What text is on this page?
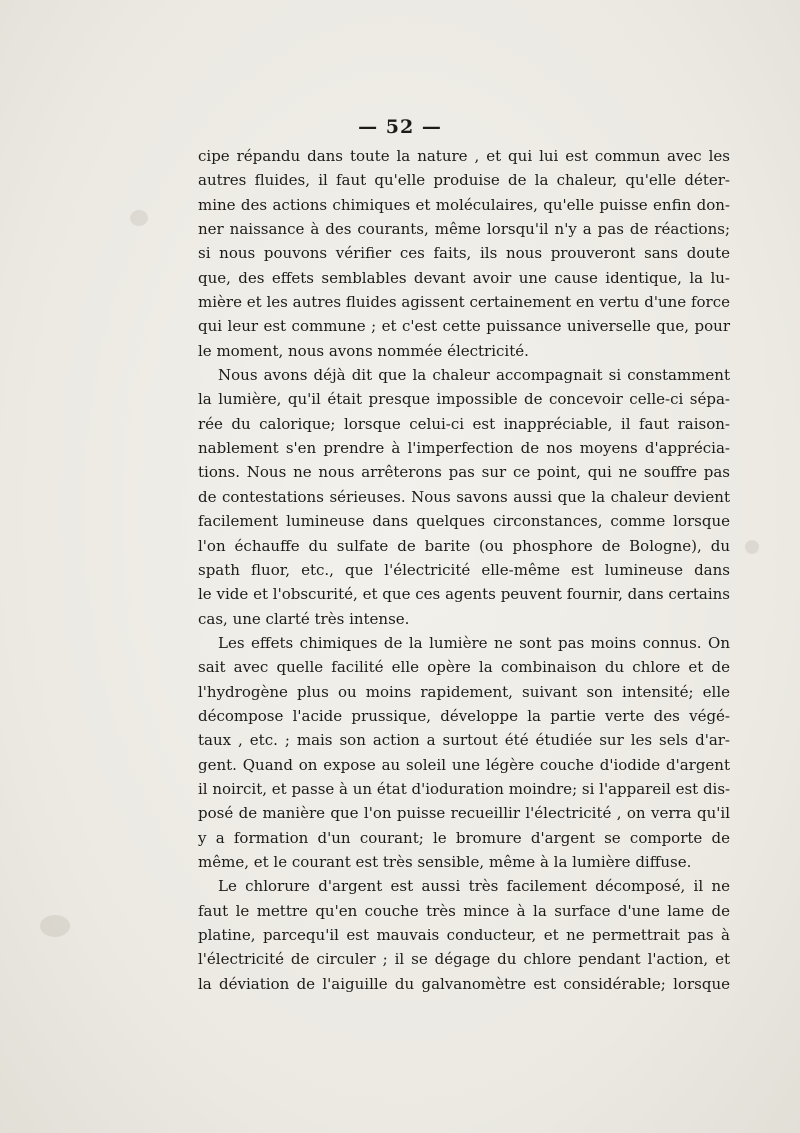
— 52 —
cipe répandu dans toute la nature , et qui lui est commun avec les
autres fluides, il faut qu'elle produise de la chaleur, qu'elle déter-
mine des actions chimiques et moléculaires, qu'elle puisse enfin don-
ner naissance à des courants, même lorsqu'il n'y a pas de réactions;
si nous pouvons vérifier ces faits, ils nous prouveront sans doute
que, des effets semblables devant avoir une cause identique, la lu-
mière et les autres fluides agissent certainement en vertu d'une force
qui leur est commune ; et c'est cette puissance universelle que, pour
le moment, nous avons nommée électricité.
Nous avons déjà dit que la chaleur accompagnait si constamment
la lumière, qu'il était presque impossible de concevoir celle-ci sépa-
rée du calorique; lorsque celui-ci est inappréciable, il faut raison-
nablement s'en prendre à l'imperfection de nos moyens d'apprécia-
tions. Nous ne nous arrêterons pas sur ce point, qui ne souffre pas
de contestations sérieuses. Nous savons aussi que la chaleur devient
facilement lumineuse dans quelques circonstances, comme lorsque
l'on échauffe du sulfate de barite (ou phosphore de Bologne), du
spath fluor, etc., que l'électricité elle-même est lumineuse dans
le vide et l'obscurité, et que ces agents peuvent fournir, dans certains
cas, une clarté très intense.
Les effets chimiques de la lumière ne sont pas moins connus. On
sait avec quelle facilité elle opère la combinaison du chlore et de
l'hydrogène plus ou moins rapidement, suivant son intensité; elle
décompose l'acide prussique, développe la partie verte des végé-
taux , etc. ; mais son action a surtout été étudiée sur les sels d'ar-
gent. Quand on expose au soleil une légère couche d'iodide d'argent
il noircit, et passe à un état d'ioduration moindre; si l'appareil est dis-
posé de manière que l'on puisse recueillir l'électricité , on verra qu'il
y a formation d'un courant; le bromure d'argent se comporte de
même, et le courant est très sensible, même à la lumière diffuse.
Le chlorure d'argent est aussi très facilement décomposé, il ne
faut le mettre qu'en couche très mince à la surface d'une lame de
platine, parcequ'il est mauvais conducteur, et ne permettrait pas à
l'électricité de circuler ; il se dégage du chlore pendant l'action, et
la déviation de l'aiguille du galvanomètre est considérable; lorsque
